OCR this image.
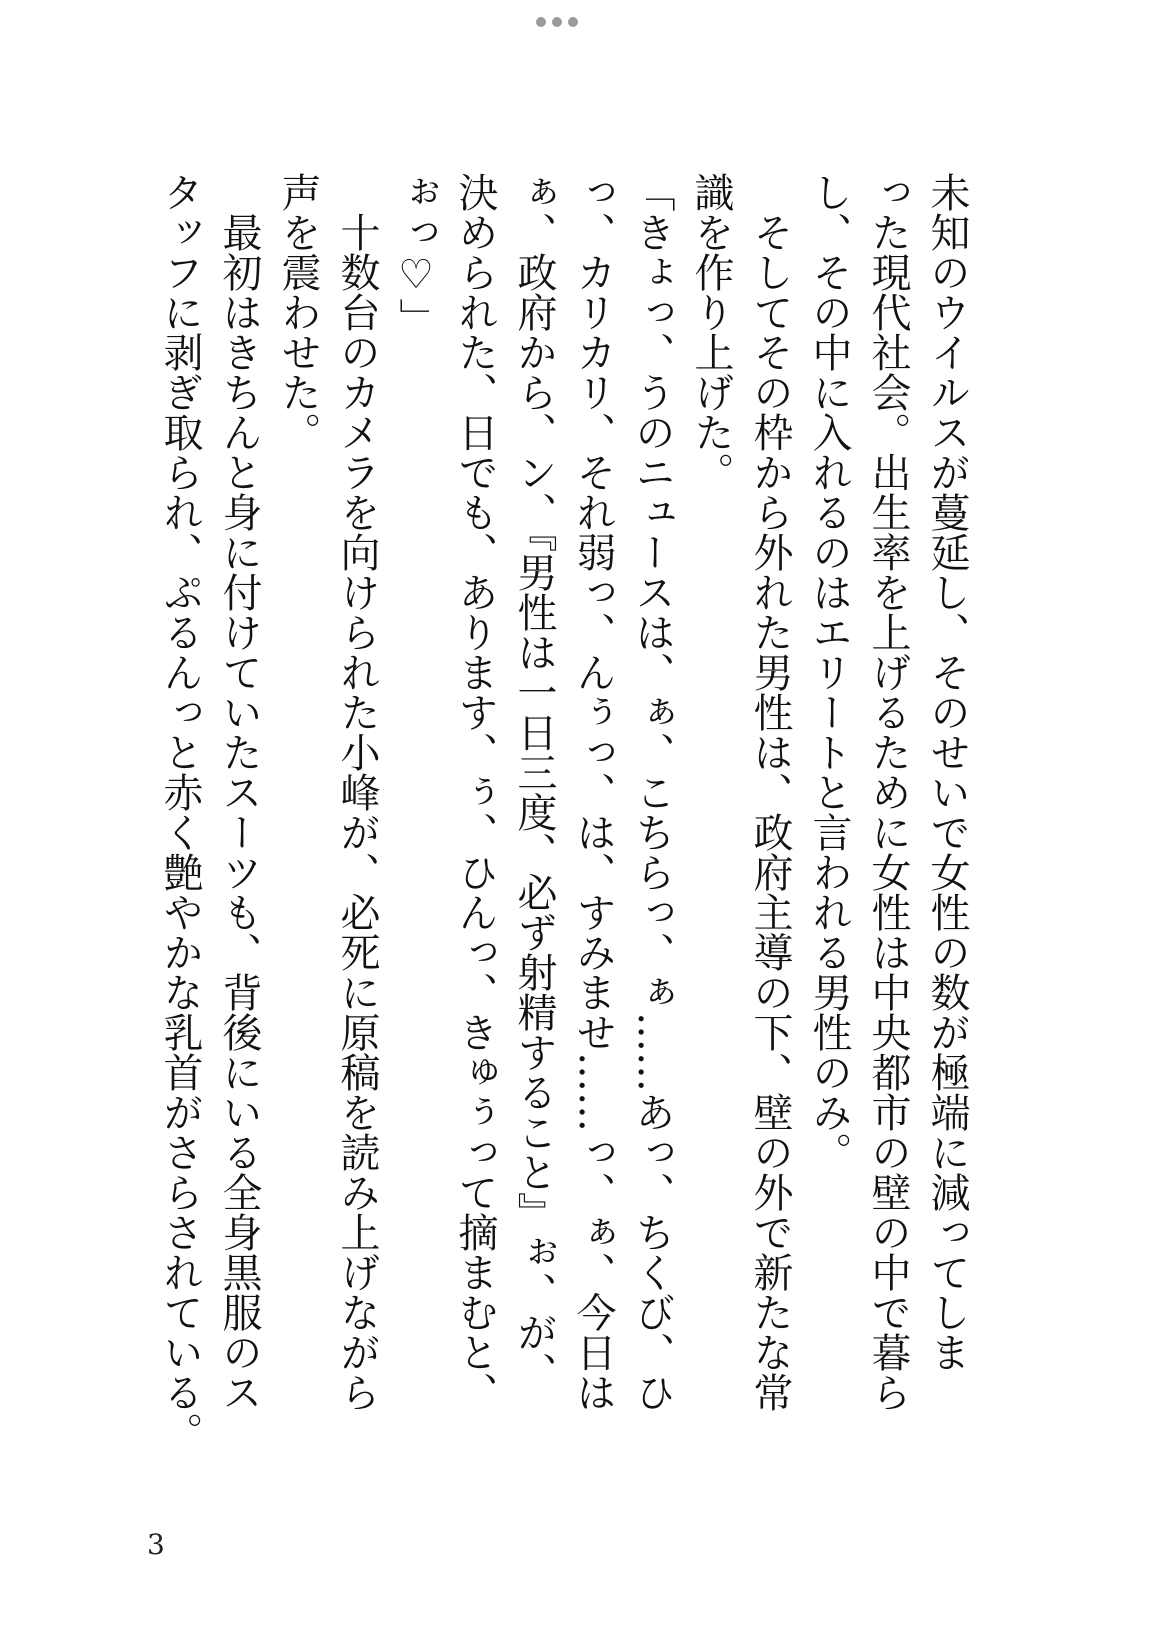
未知のウイルスが蔓延し、そのせいで女性の数が極端に減ってしま
った現代社会。出生率を上げるために女性は中央都市の壁の中で暮ら
し、その中に入れるのはエリートと言われる男性のみ。
　そしてその枠から外れた男性は、政府主導の下、壁の外で新たな常
識を作り上げた。
「きょっ、うのニュースは、ぁ、こちらっ、ぁ……あっ、ちくび、ひ
っ、カリカリ、それ弱っ、んぅっ、は、すみませ……っ、ぁ、今日は
ぁ、政府から、ン、『男性は一日三度、必ず射精すること』ぉ、が、
決められた、日でも、あります、ぅ、ひんっ、きゅぅって摘まむと、
ぉっ♡」
　十数台のカメラを向けられた小峰が、必死に原稿を読み上げながら
声を震わせた。
　最初はきちんと身に付けていたスーツも、背後にいる全身黒服のス
タッフに剥ぎ取られ、ぷるんっと赤く艶やかな乳首がさらされている。
3
